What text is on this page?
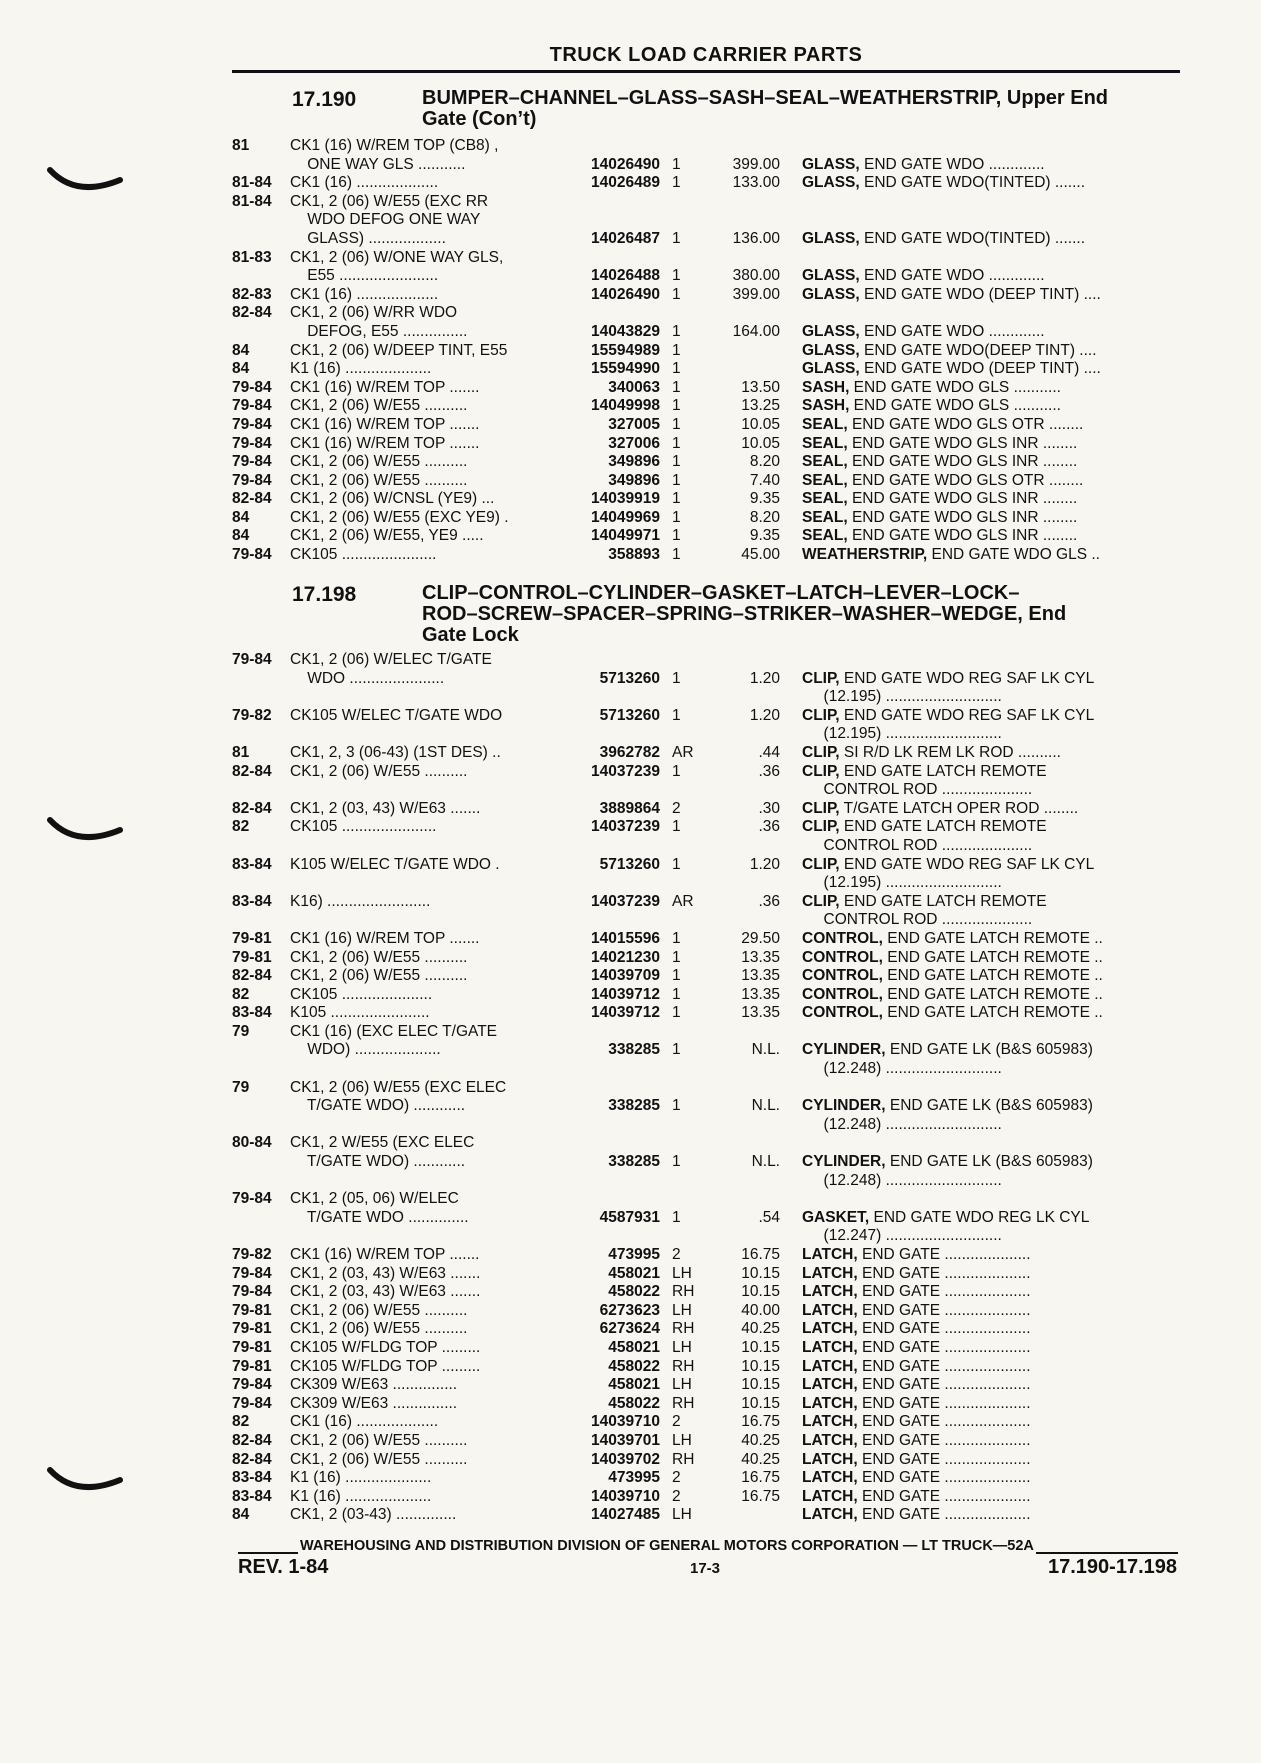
TRUCK LOAD CARRIER PARTS
17.190	BUMPER–CHANNEL–GLASS–SASH–SEAL–WEATHERSTRIP, Upper End
Gate (Con’t)
81	CK1 (16) W/REM TOP (CB8) ,
ONE WAY GLS ...........	14026490 1	399.00	GLASS, END GATE WDO .............
81-84	CK1 (16) ...................	14026489 1	133.00	GLASS, END GATE WDO(TINTED) .......
81-84	CK1, 2 (06) W/E55 (EXC RR
WDO DEFOG ONE WAY
GLASS) ..................	14026487 1	136.00	GLASS, END GATE WDO(TINTED) .......
81-83	CK1, 2 (06) W/ONE WAY GLS,
E55 .......................	14026488 1	380.00	GLASS, END GATE WDO .............
82-83	CK1 (16) ...................	14026490 1	399.00	GLASS, END GATE WDO (DEEP TINT) ....
82-84	CK1, 2 (06) W/RR WDO
DEFOG, E55 ...............	14043829 1	164.00	GLASS, END GATE WDO .............
84	CK1, 2 (06) W/DEEP TINT, E55	15594989 1	GLASS, END GATE WDO(DEEP TINT) ....
84	K1 (16) ....................	15594990 1	GLASS, END GATE WDO (DEEP TINT) ....
79-84	CK1 (16) W/REM TOP .......	340063 1	13.50	SASH, END GATE WDO GLS ...........
79-84	CK1, 2 (06) W/E55 ..........	14049998 1	13.25	SASH, END GATE WDO GLS ...........
79-84	CK1 (16) W/REM TOP .......	327005 1	10.05	SEAL, END GATE WDO GLS OTR ........
79-84	CK1 (16) W/REM TOP .......	327006 1	10.05	SEAL, END GATE WDO GLS INR ........
79-84	CK1, 2 (06) W/E55 ..........	349896 1	8.20	SEAL, END GATE WDO GLS INR ........
79-84	CK1, 2 (06) W/E55 ..........	349896 1	7.40	SEAL, END GATE WDO GLS OTR ........
82-84	CK1, 2 (06) W/CNSL (YE9) ...	14039919 1	9.35	SEAL, END GATE WDO GLS INR ........
84	CK1, 2 (06) W/E55 (EXC YE9) .	14049969 1	8.20	SEAL, END GATE WDO GLS INR ........
84	CK1, 2 (06) W/E55, YE9 .....	14049971 1	9.35	SEAL, END GATE WDO GLS INR ........
79-84	CK105 ......................	358893 1	45.00	WEATHERSTRIP, END GATE WDO GLS ..
17.198	CLIP–CONTROL–CYLINDER–GASKET–LATCH–LEVER–LOCK–
ROD–SCREW–SPACER–SPRING–STRIKER–WASHER–WEDGE, End
Gate Lock
79-84	CK1, 2 (06) W/ELEC T/GATE
WDO ......................	5713260 1	1.20	CLIP, END GATE WDO REG SAF LK CYL
(12.195) ...........................
79-82	CK105 W/ELEC T/GATE WDO	5713260 1	1.20	CLIP, END GATE WDO REG SAF LK CYL
(12.195) ...........................
81	CK1, 2, 3 (06-43) (1ST DES) ..	3962782 AR	.44	CLIP, SI R/D LK REM LK ROD ..........
82-84	CK1, 2 (06) W/E55 ..........	14037239 1	.36	CLIP, END GATE LATCH REMOTE
CONTROL ROD .....................
82-84	CK1, 2 (03, 43) W/E63 .......	3889864 2	.30	CLIP, T/GATE LATCH OPER ROD ........
82	CK105 ......................	14037239 1	.36	CLIP, END GATE LATCH REMOTE
CONTROL ROD .....................
83-84	K105 W/ELEC T/GATE WDO .	5713260 1	1.20	CLIP, END GATE WDO REG SAF LK CYL
(12.195) ...........................
83-84	K16) ........................	14037239 AR	.36	CLIP, END GATE LATCH REMOTE
CONTROL ROD .....................
79-81	CK1 (16) W/REM TOP .......	14015596 1	29.50	CONTROL, END GATE LATCH REMOTE ..
79-81	CK1, 2 (06) W/E55 ..........	14021230 1	13.35	CONTROL, END GATE LATCH REMOTE ..
82-84	CK1, 2 (06) W/E55 ..........	14039709 1	13.35	CONTROL, END GATE LATCH REMOTE ..
82	CK105 .....................	14039712 1	13.35	CONTROL, END GATE LATCH REMOTE ..
83-84	K105 .......................	14039712 1	13.35	CONTROL, END GATE LATCH REMOTE ..
79	CK1 (16) (EXC ELEC T/GATE
WDO) ....................	338285 1	N.L.	CYLINDER, END GATE LK (B&S 605983)
(12.248) ...........................
79	CK1, 2 (06) W/E55 (EXC ELEC
T/GATE WDO) ............	338285 1	N.L.	CYLINDER, END GATE LK (B&S 605983)
(12.248) ...........................
80-84	CK1, 2 W/E55 (EXC ELEC
T/GATE WDO) ............	338285 1	N.L.	CYLINDER, END GATE LK (B&S 605983)
(12.248) ...........................
79-84	CK1, 2 (05, 06) W/ELEC
T/GATE WDO ..............	4587931 1	.54	GASKET, END GATE WDO REG LK CYL
(12.247) ...........................
79-82	CK1 (16) W/REM TOP .......	473995 2	16.75	LATCH, END GATE ....................
79-84	CK1, 2 (03, 43) W/E63 .......	458021 LH	10.15	LATCH, END GATE ....................
79-84	CK1, 2 (03, 43) W/E63 .......	458022 RH	10.15	LATCH, END GATE ....................
79-81	CK1, 2 (06) W/E55 ..........	6273623 LH	40.00	LATCH, END GATE ....................
79-81	CK1, 2 (06) W/E55 ..........	6273624 RH	40.25	LATCH, END GATE ....................
79-81	CK105 W/FLDG TOP .........	458021 LH	10.15	LATCH, END GATE ....................
79-81	CK105 W/FLDG TOP .........	458022 RH	10.15	LATCH, END GATE ....................
79-84	CK309 W/E63 ...............	458021 LH	10.15	LATCH, END GATE ....................
79-84	CK309 W/E63 ...............	458022 RH	10.15	LATCH, END GATE ....................
82	CK1 (16) ...................	14039710 2	16.75	LATCH, END GATE ....................
82-84	CK1, 2 (06) W/E55 ..........	14039701 LH	40.25	LATCH, END GATE ....................
82-84	CK1, 2 (06) W/E55 ..........	14039702 RH	40.25	LATCH, END GATE ....................
83-84	K1 (16) ....................	473995 2	16.75	LATCH, END GATE ....................
83-84	K1 (16) ....................	14039710 2	16.75	LATCH, END GATE ....................
84	CK1, 2 (03-43) ..............	14027485 LH	LATCH, END GATE ....................
WAREHOUSING AND DISTRIBUTION DIVISION OF GENERAL MOTORS CORPORATION — LT TRUCK—52A
REV. 1-84	17-3	17.190-17.198
